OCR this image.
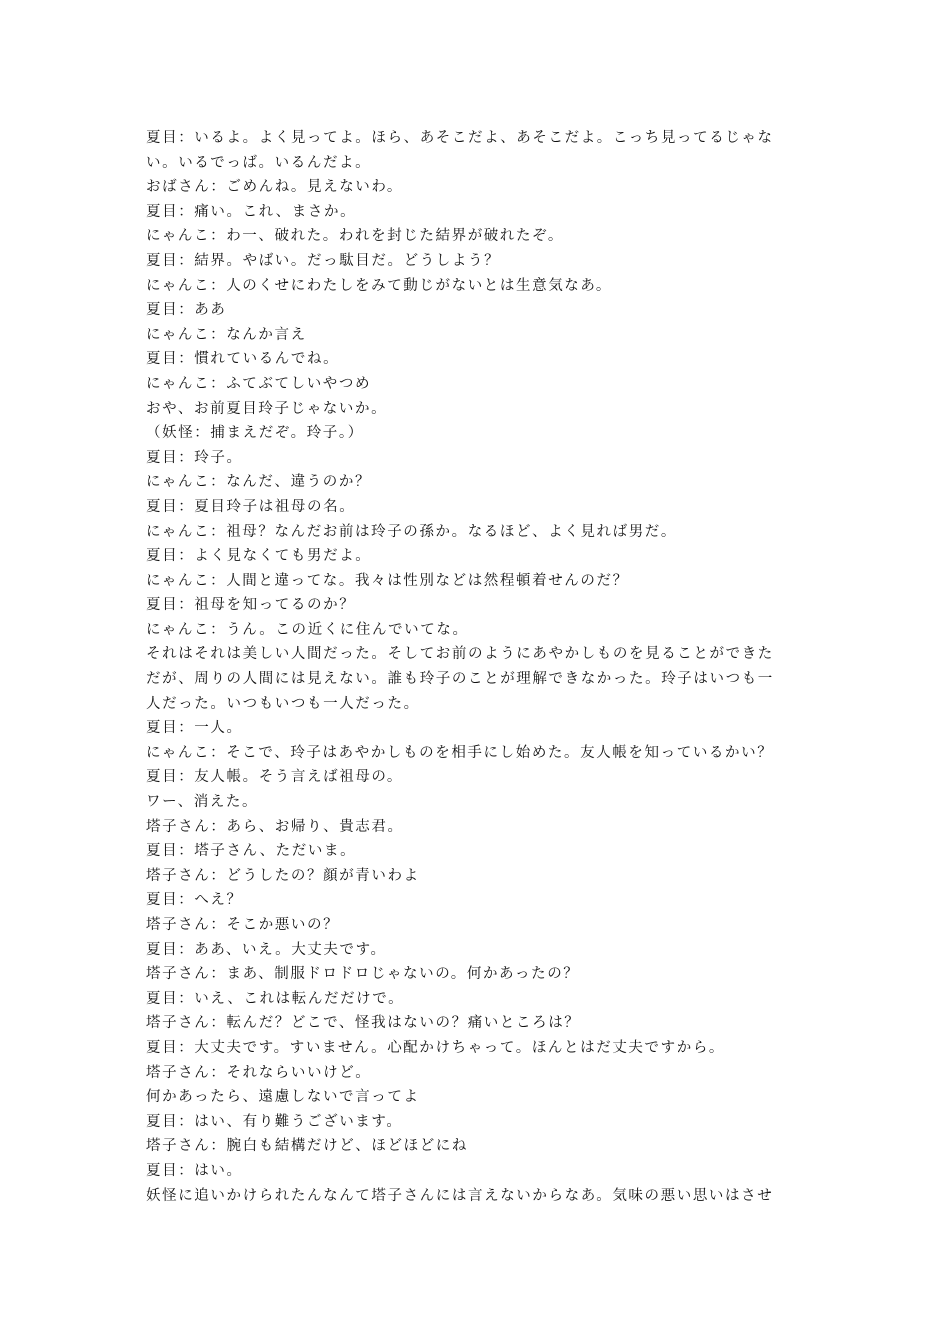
夏目：いるよ。よく見ってよ。ほら、あそこだよ、あそこだよ。こっち見ってるじゃな

い。いるでっば。いるんだよ。

おばさん：ごめんね。見えないわ。

夏目：痛い。これ、まさか。

にゃんこ：わ一、破れた。われを封じた結界が破れたぞ。

夏目：結界。やばい。だっ駄目だ。どうしよう？

にゃんこ：人のくせにわたしをみて動じがないとは生意気なあ。

夏目：ああ

にゃんこ：なんか言え

夏目：慣れているんでね。

にゃんこ：ふてぶてしいやつめ

おや、お前夏目玲子じゃないか。

（妖怪：捕まえだぞ。玲子。）

夏目：玲子。

にゃんこ：なんだ、違うのか？

夏目：夏目玲子は祖母の名。

にゃんこ：祖母？なんだお前は玲子の孫か。なるほど、よく見れば男だ。

夏目：よく見なくても男だよ。

にゃんこ：人間と違ってな。我々は性別などは然程頓着せんのだ？

夏目：祖母を知ってるのか？

にゃんこ：うん。この近くに住んでいてな。

それはそれは美しい人間だった。そしてお前のようにあやかしものを見ることができた

だが、周りの人間には見えない。誰も玲子のことが理解できなかった。玲子はいつも一

人だった。いつもいつも一人だった。

夏目：一人。

にゃんこ：そこで、玲子はあやかしものを相手にし始めた。友人帳を知っているかい？

夏目：友人帳。そう言えば祖母の。

ワー、消えた。

塔子さん：あら、お帰り、貴志君。

夏目：塔子さん、ただいま。

塔子さん：どうしたの？顔が青いわよ

夏目：へえ？

塔子さん：そこか悪いの？

夏目：ああ、いえ。大丈夫です。

塔子さん：まあ、制服ドロドロじゃないの。何かあったの？

夏目：いえ、これは転んだだけで。

塔子さん：転んだ？どこで、怪我はないの？痛いところは？

夏目：大丈夫です。すいません。心配かけちゃって。ほんとはだ丈夫ですから。

塔子さん：それならいいけど。

何かあったら、遠慮しないで言ってよ

夏目：はい、有り難うございます。

塔子さん：腕白も結構だけど、ほどほどにね

夏目：はい。

妖怪に追いかけられたんなんて塔子さんには言えないからなあ。気味の悪い思いはさせ
